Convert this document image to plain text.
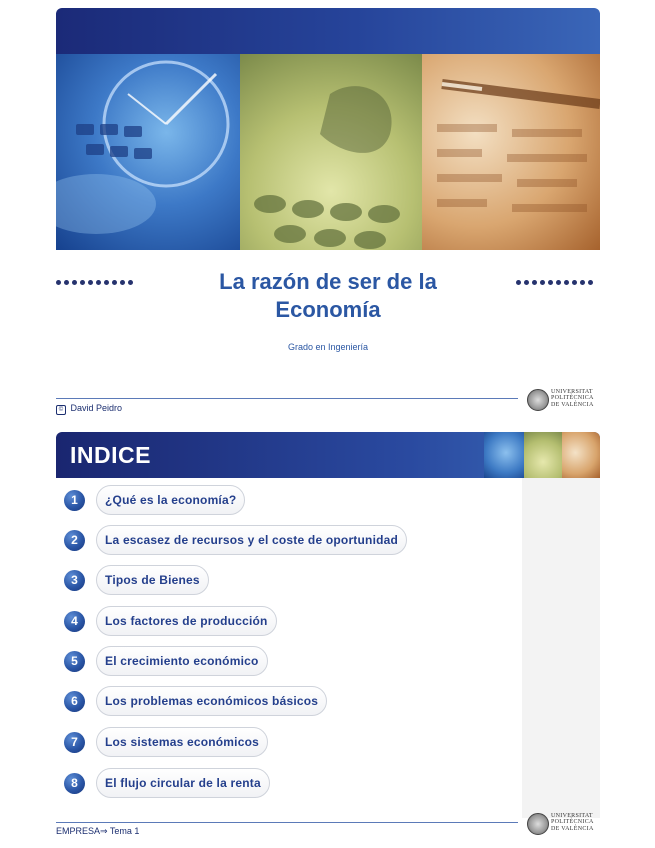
La razón de ser de la
Economía
Grado en Ingeniería
© David Peidro
UNIVERSITAT
POLITÈCNICA
DE VALÈNCIA
INDICE
1	¿Qué es la economía?
2	La escasez de recursos y el coste de oportunidad
3	Tipos de Bienes
4	Los factores de producción
5	El crecimiento económico
6	Los problemas económicos básicos
7	Los sistemas económicos
8	El flujo circular de la renta
EMPRESA⇒ Tema 1
UNIVERSITAT
POLITÈCNICA
DE VALÈNCIA
